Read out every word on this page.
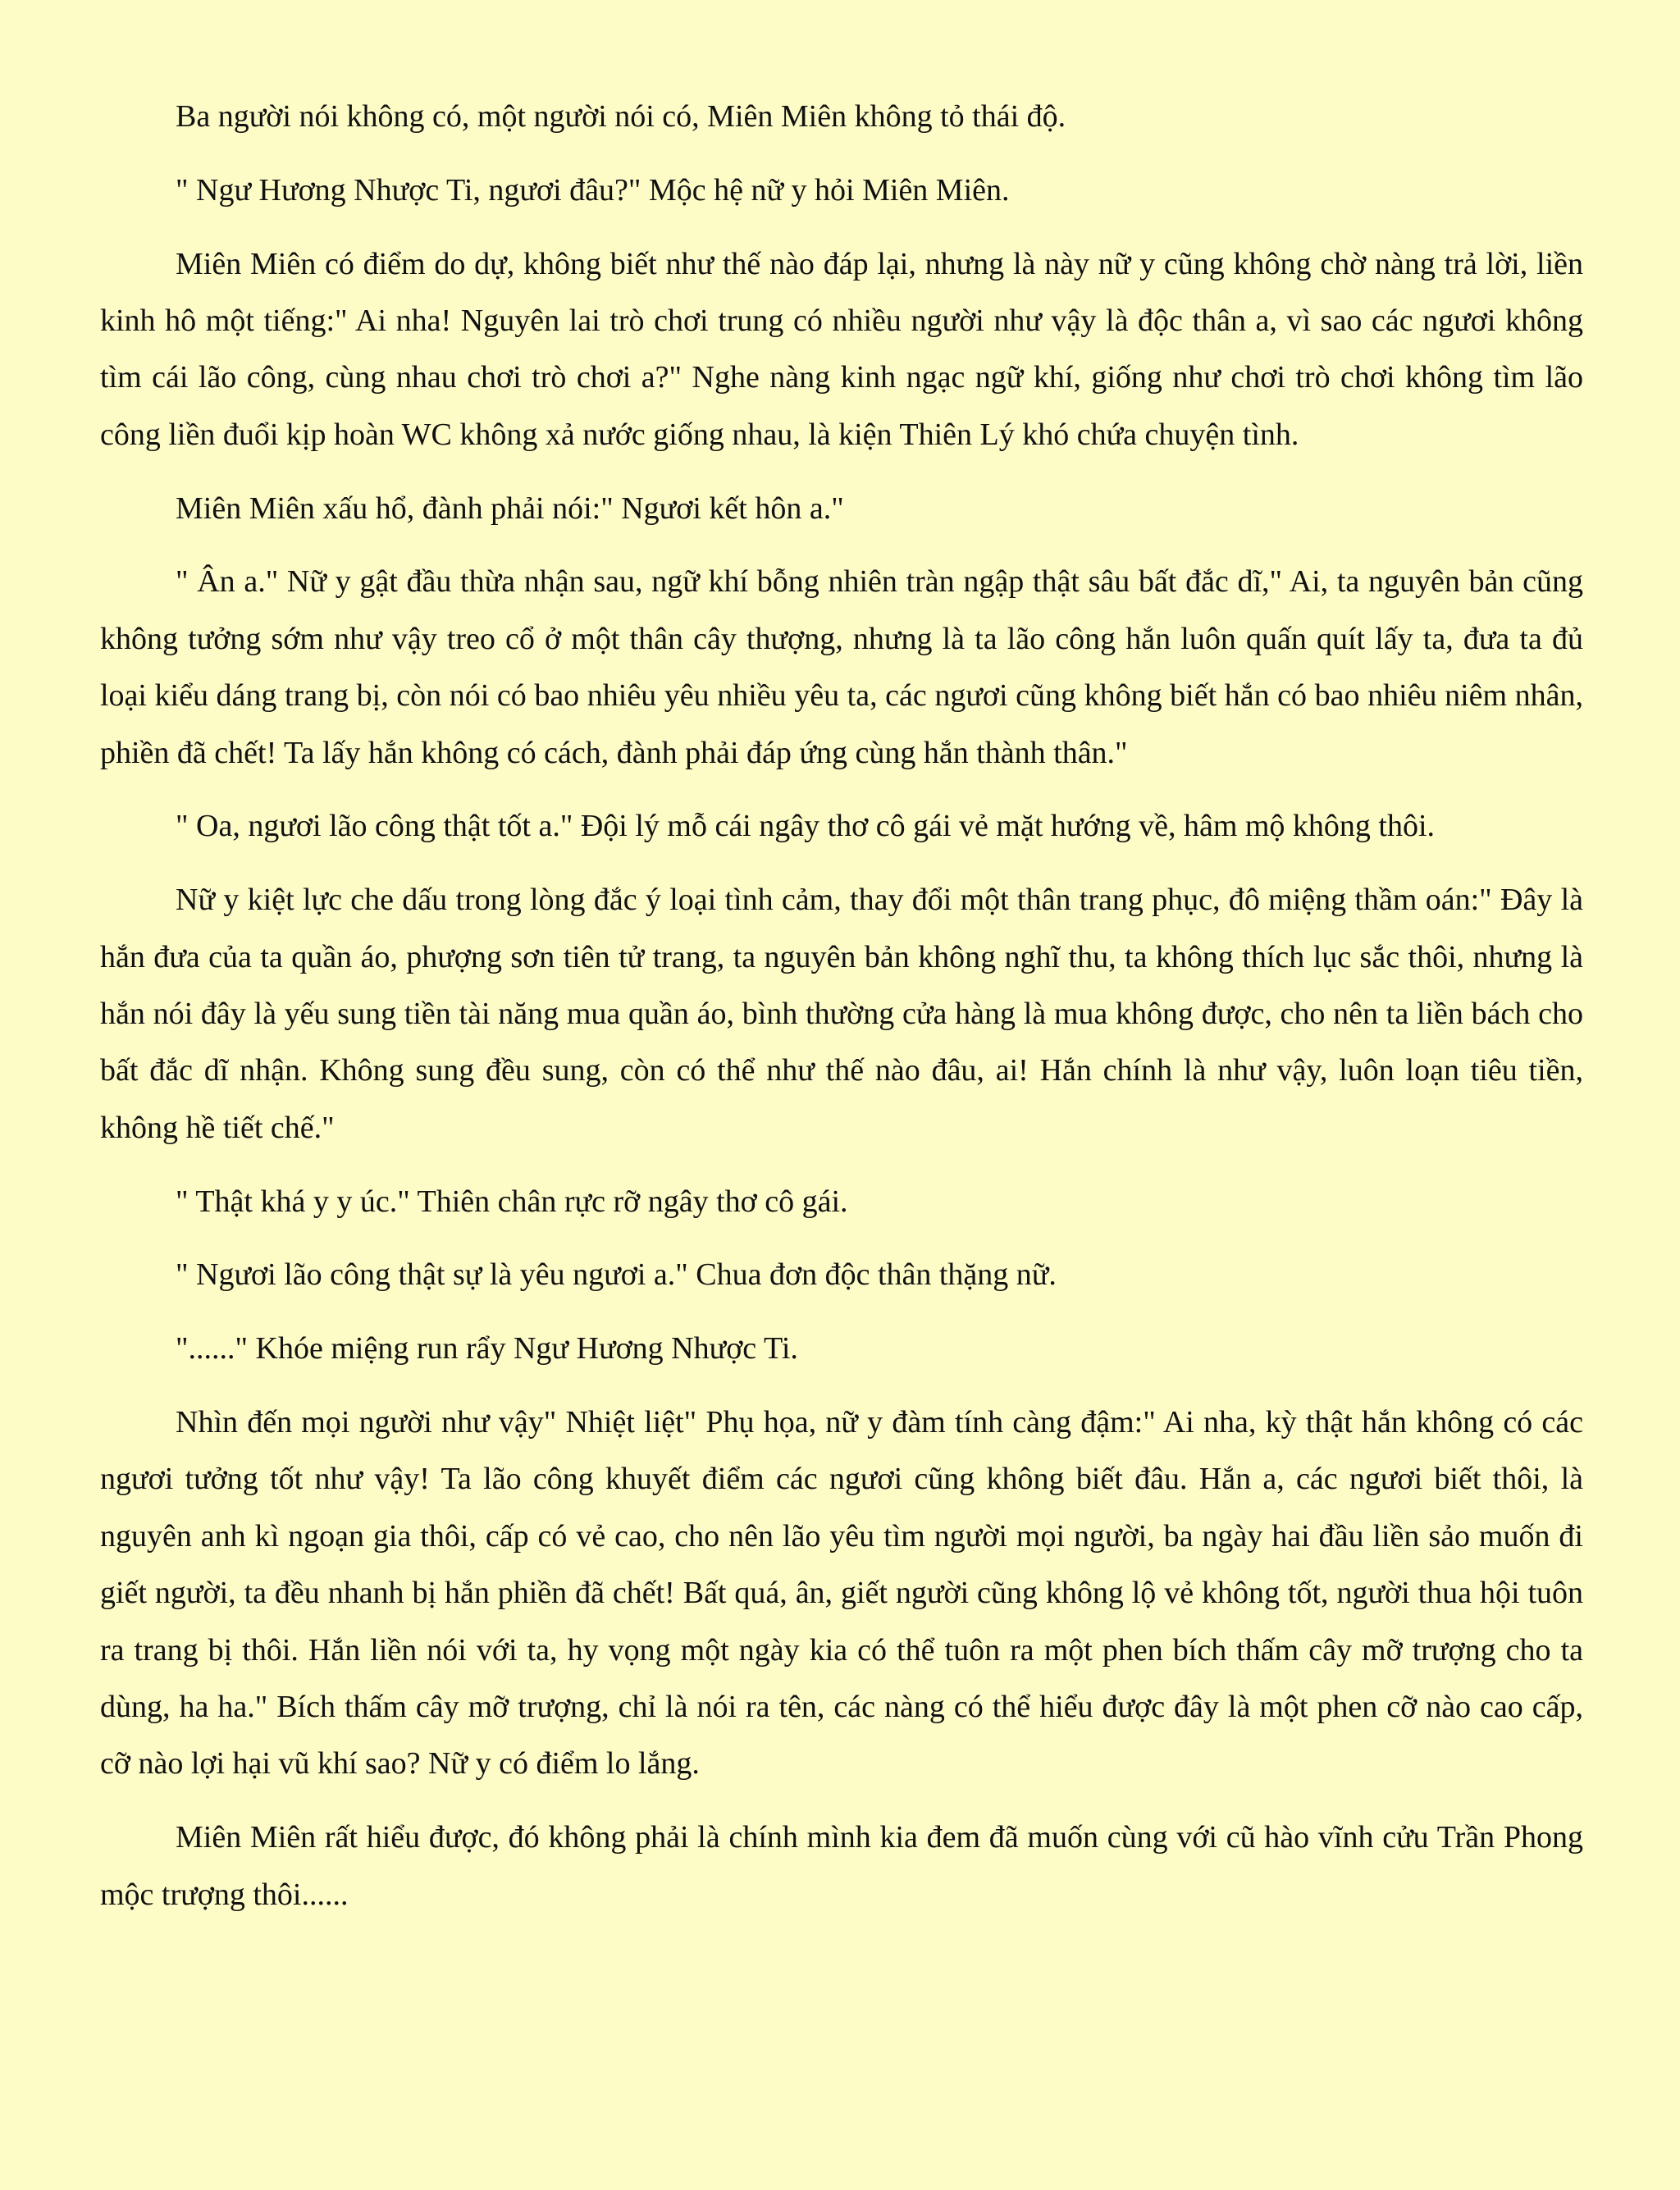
Ba người nói không có, một người nói có, Miên Miên không tỏ thái độ.

" Ngư Hương Nhược Ti, ngươi đâu?" Mộc hệ nữ y hỏi Miên Miên.

Miên Miên có điểm do dự, không biết như thế nào đáp lại, nhưng là này nữ y cũng không chờ nàng trả lời, liền kinh hô một tiếng:" Ai nha! Nguyên lai trò chơi trung có nhiều người như vậy là độc thân a, vì sao các ngươi không tìm cái lão công, cùng nhau chơi trò chơi a?" Nghe nàng kinh ngạc ngữ khí, giống như chơi trò chơi không tìm lão công liền đuổi kịp hoàn WC không xả nước giống nhau, là kiện Thiên Lý khó chứa chuyện tình.

Miên Miên xấu hổ, đành phải nói:" Ngươi kết hôn a."

" Ân a." Nữ y gật đầu thừa nhận sau, ngữ khí bỗng nhiên tràn ngập thật sâu bất đắc dĩ," Ai, ta nguyên bản cũng không tưởng sớm như vậy treo cổ ở một thân cây thượng, nhưng là ta lão công hắn luôn quấn quít lấy ta, đưa ta đủ loại kiểu dáng trang bị, còn nói có bao nhiêu yêu nhiều yêu ta, các ngươi cũng không biết hắn có bao nhiêu niêm nhân, phiền đã chết! Ta lấy hắn không có cách, đành phải đáp ứng cùng hắn thành thân."

" Oa, ngươi lão công thật tốt a." Đội lý mỗ cái ngây thơ cô gái vẻ mặt hướng về, hâm mộ không thôi.

Nữ y kiệt lực che dấu trong lòng đắc ý loại tình cảm, thay đổi một thân trang phục, đô miệng thầm oán:" Đây là hắn đưa của ta quần áo, phượng sơn tiên tử trang, ta nguyên bản không nghĩ thu, ta không thích lục sắc thôi, nhưng là hắn nói đây là yếu sung tiền tài năng mua quần áo, bình thường cửa hàng là mua không được, cho nên ta liền bách cho bất đắc dĩ nhận. Không sung đều sung, còn có thể như thế nào đâu, ai! Hắn chính là như vậy, luôn loạn tiêu tiền, không hề tiết chế."

" Thật khá y y úc." Thiên chân rực rỡ ngây thơ cô gái.

" Ngươi lão công thật sự là yêu ngươi a." Chua đơn độc thân thặng nữ.

"......" Khóe miệng run rẩy Ngư Hương Nhược Ti.

Nhìn đến mọi người như vậy" Nhiệt liệt" Phụ họa, nữ y đàm tính càng đậm:" Ai nha, kỳ thật hắn không có các ngươi tưởng tốt như vậy! Ta lão công khuyết điểm các ngươi cũng không biết đâu. Hắn a, các ngươi biết thôi, là nguyên anh kì ngoạn gia thôi, cấp có vẻ cao, cho nên lão yêu tìm người mọi người, ba ngày hai đầu liền sảo muốn đi giết người, ta đều nhanh bị hắn phiền đã chết! Bất quá, ân, giết người cũng không lộ vẻ không tốt, người thua hội tuôn ra trang bị thôi. Hắn liền nói với ta, hy vọng một ngày kia có thể tuôn ra một phen bích thấm cây mỡ trượng cho ta dùng, ha ha." Bích thấm cây mỡ trượng, chỉ là nói ra tên, các nàng có thể hiểu được đây là một phen cỡ nào cao cấp, cỡ nào lợi hại vũ khí sao? Nữ y có điểm lo lắng.

Miên Miên rất hiểu được, đó không phải là chính mình kia đem đã muốn cùng với cũ hào vĩnh cửu Trần Phong mộc trượng thôi......
